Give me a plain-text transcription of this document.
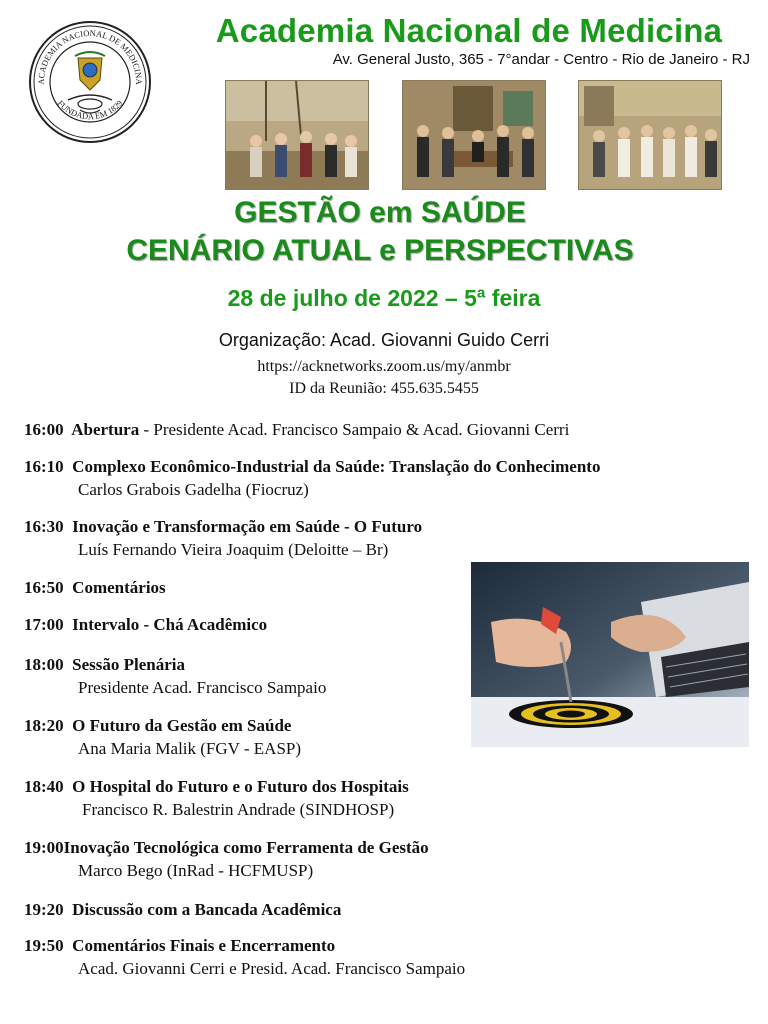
ACADEMIA NACIONAL DE MEDICINA
FUNDADA EM 1829
Academia Nacional de Medicina
Av. General Justo, 365 - 7°andar - Centro - Rio de Janeiro - RJ
GESTÃO em SAÚDE
CENÁRIO ATUAL e PERSPECTIVAS
28 de julho de 2022 – 5ª feira
Organização: Acad. Giovanni Guido Cerri
https://acknetworks.zoom.us/my/anmbr
ID da Reunião: 455.635.5455
16:00 Abertura - Presidente Acad. Francisco Sampaio & Acad. Giovanni Cerri
16:10 Complexo Econômico-Industrial da Saúde: Translação do Conhecimento
Carlos Grabois Gadelha (Fiocruz)
16:30 Inovação e Transformação em Saúde - O Futuro
Luís Fernando Vieira Joaquim (Deloitte – Br)
16:50 Comentários
17:00 Intervalo - Chá Acadêmico
18:00 Sessão Plenária
Presidente Acad. Francisco Sampaio
18:20 O Futuro da Gestão em Saúde
Ana Maria Malik (FGV - EASP)
18:40 O Hospital do Futuro e o Futuro dos Hospitais
Francisco R. Balestrin Andrade (SINDHOSP)
19:00Inovação Tecnológica como Ferramenta de Gestão
Marco Bego (InRad - HCFMUSP)
19:20 Discussão com a Bancada Acadêmica
19:50 Comentários Finais e Encerramento
Acad. Giovanni Cerri e Presid. Acad. Francisco Sampaio
